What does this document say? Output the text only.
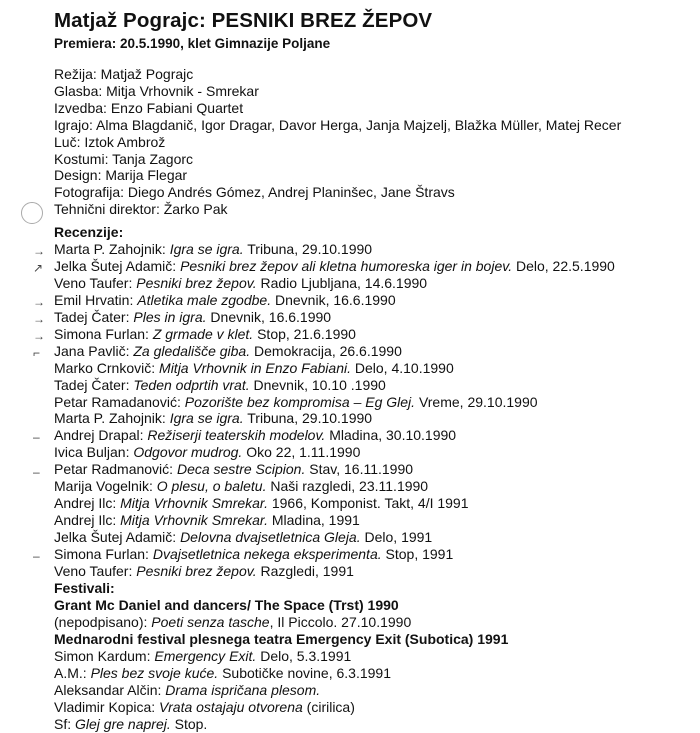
Matjaž Pograjc: PESNIKI BREZ ŽEPOV
Premiera: 20.5.1990, klet Gimnazije Poljane
Režija: Matjaž Pograjc
Glasba: Mitja Vrhovnik - Smrekar
Izvedba: Enzo Fabiani Quartet
Igrajo: Alma Blagdanič, Igor Dragar, Davor Herga, Janja Majzelj, Blažka Müller, Matej Recer
Luč: Iztok Ambrož
Kostumi: Tanja Zagorc
Design: Marija Flegar
Fotografija: Diego Andrés Gómez, Andrej Planinšec, Jane Štravs
Tehnični direktor: Žarko Pak
Recenzije:
Marta P. Zahojnik: Igra se igra. Tribuna, 29.10.1990
Jelka Šutej Adamič: Pesniki brez žepov ali kletna humoreska iger in bojev. Delo, 22.5.1990
Veno Taufer: Pesniki brez žepov. Radio Ljubljana, 14.6.1990
Emil Hrvatin: Atletika male zgodbe. Dnevnik, 16.6.1990
Tadej Čater: Ples in igra. Dnevnik, 16.6.1990
Simona Furlan: Z grmade v klet. Stop, 21.6.1990
Jana Pavlič: Za gledališče giba. Demokracija, 26.6.1990
Marko Crnkovič: Mitja Vrhovnik in Enzo Fabiani. Delo, 4.10.1990
Tadej Čater: Teden odprtih vrat. Dnevnik, 10.10 .1990
Petar Ramadanović: Pozorište bez kompromisa – Eg Glej. Vreme, 29.10.1990
Marta P. Zahojnik: Igra se igra. Tribuna, 29.10.1990
Andrej Drapal: Režiserji teaterskih modelov. Mladina, 30.10.1990
Ivica Buljan: Odgovor mudrog. Oko 22, 1.11.1990
Petar Radmanović: Deca sestre Scipion. Stav, 16.11.1990
Marija Vogelnik: O plesu, o baletu. Naši razgledi, 23.11.1990
Andrej Ilc: Mitja Vrhovnik Smrekar. 1966, Komponist. Takt, 4/I 1991
Andrej Ilc: Mitja Vrhovnik Smrekar. Mladina, 1991
Jelka Šutej Adamič: Delovna dvajsetletnica Gleja. Delo, 1991
Simona Furlan: Dvajsetletnica nekega eksperimenta. Stop, 1991
Veno Taufer: Pesniki brez žepov. Razgledi, 1991
Festivali:
Grant Mc Daniel and dancers/ The Space (Trst) 1990
(nepodpisano): Poeti senza tasche, Il Piccolo. 27.10.1990
Mednarodni festival plesnega teatra Emergency Exit (Subotica) 1991
Simon Kardum: Emergency Exit. Delo, 5.3.1991
A.M.: Ples bez svoje kuće. Subotičke novine, 6.3.1991
Aleksandar Alčin: Drama ispričana plesom.
Vladimir Kopica: Vrata ostajaju otvorena (cirilica)
Sf: Glej gre naprej. Stop.
→
↗
→
→
→
⌐
–
–
–
